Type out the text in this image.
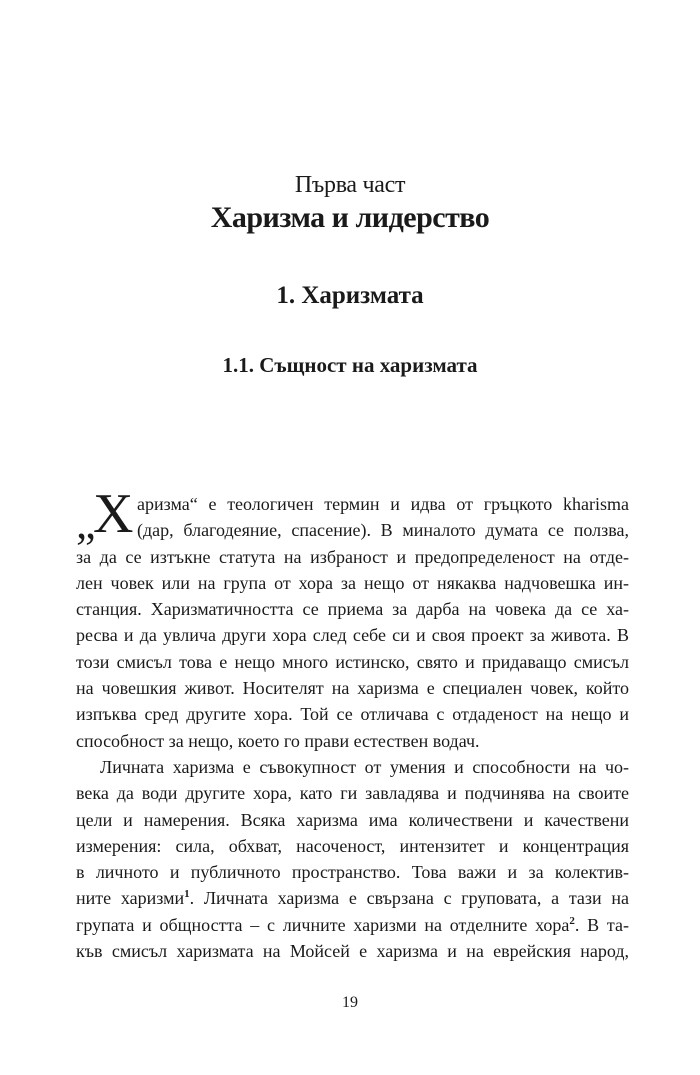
Първа част
Харизма и лидерство
1. Харизмата
1.1. Същност на харизмата
„
Х аризма“ е теологичен термин и идва от гръцкото kharisma
(дар, благодеяние, спасение). В миналото думата се ползва,
за да се изтъкне статута на избраност и предопределеност на отде-
лен човек или на група от хора за нещо от някаква надчовешка ин-
станция. Харизматичността се приема за дарба на човека да се ха-
ресва и да увлича други хора след себе си и своя проект за живота. В
този смисъл това е нещо много истинско, свято и придаващо смисъл
на човешкия живот. Носителят на харизма е специален човек, който
изпъква сред другите хора. Той се отличава с отдаденост на нещо и
способност за нещо, което го прави естествен водач.
Личната харизма е съвокупност от умения и способности на чо-
века да води другите хора, като ги завладява и подчинява на своите
цели и намерения. Всяка харизма има количествени и качествени
измерения: сила, обхват, насоченост, интензитет и концентрация
в личното и публичното пространство. Това важи и за колектив-
ните харизми$^1$. Личната харизма е свързана с груповата, а тази на
групата и общността – с личните харизми на отделните хора$^2$. В та-
къв смисъл харизмата на Мойсей е харизма и на еврейския народ,
19
